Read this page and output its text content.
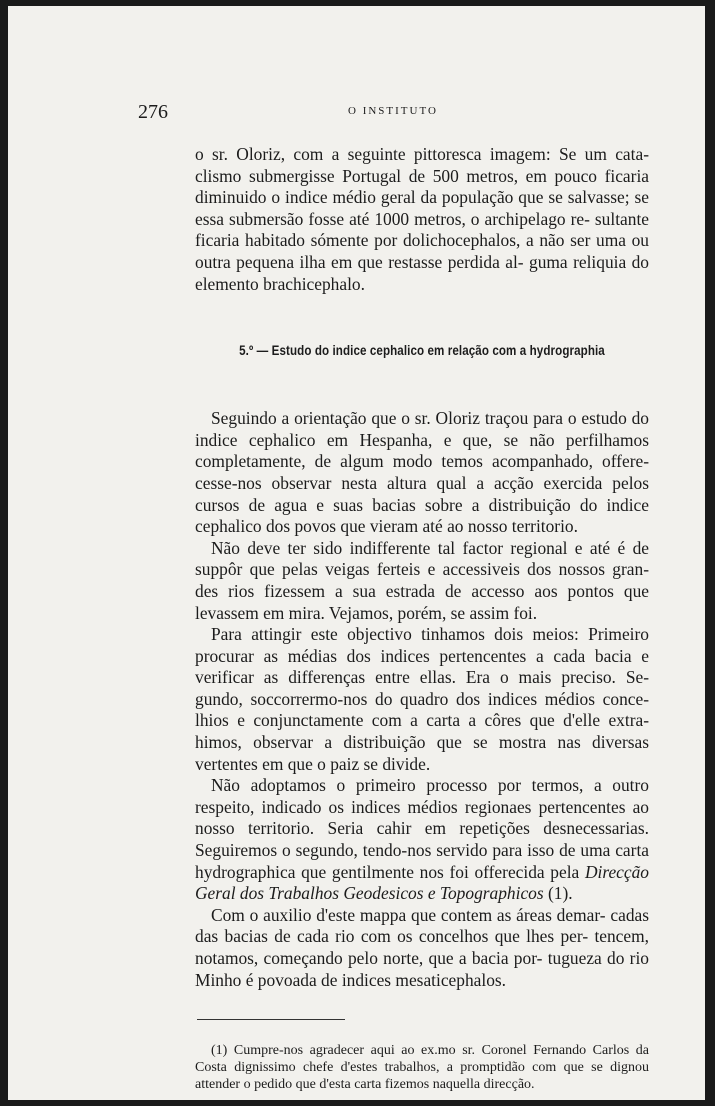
276	O INSTITUTO

o sr. Oloriz, com a seguinte pittoresca imagem: Se um cata- clismo submergisse Portugal de 500 metros, em pouco ficaria diminuido o indice médio geral da população que se salvasse; se essa submersão fosse até 1000 metros, o archipelago re- sultante ficaria habitado sómente por dolichocephalos, a não ser uma ou outra pequena ilha em que restasse perdida al- guma reliquia do elemento brachicephalo.

5.º — Estudo do indice cephalico em relação com a hydrographia

Seguindo a orientação que o sr. Oloriz traçou para o estudo do indice cephalico em Hespanha, e que, se não perfilhamos completamente, de algum modo temos acompanhado, offere- cesse-nos observar nesta altura qual a acção exercida pelos cursos de agua e suas bacias sobre a distribuição do indice cephalico dos povos que vieram até ao nosso territorio.

Não deve ter sido indifferente tal factor regional e até é de suppôr que pelas veigas ferteis e accessiveis dos nossos gran- des rios fizessem a sua estrada de accesso aos pontos que levassem em mira. Vejamos, porém, se assim foi.

Para attingir este objectivo tinhamos dois meios: Primeiro procurar as médias dos indices pertencentes a cada bacia e verificar as differenças entre ellas. Era o mais preciso. Se- gundo, soccorrermo-nos do quadro dos indices médios conce- lhios e conjunctamente com a carta a côres que d'elle extra- himos, observar a distribuição que se mostra nas diversas vertentes em que o paiz se divide.

Não adoptamos o primeiro processo por termos, a outro respeito, indicado os indices médios regionaes pertencentes ao nosso territorio. Seria cahir em repetições desnecessarias. Seguiremos o segundo, tendo-nos servido para isso de uma carta hydrographica que gentilmente nos foi offerecida pela Direcção Geral dos Trabalhos Geodesicos e Topographicos (1).

Com o auxilio d'este mappa que contem as áreas demar- cadas das bacias de cada rio com os concelhos que lhes per- tencem, notamos, começando pelo norte, que a bacia por- tugueza do rio Minho é povoada de indices mesaticephalos.

(1) Cumpre-nos agradecer aqui ao ex.mo sr. Coronel Fernando Carlos da Costa dignissimo chefe d'estes trabalhos, a promptidão com que se dignou attender o pedido que d'esta carta fizemos naquella direcção.
